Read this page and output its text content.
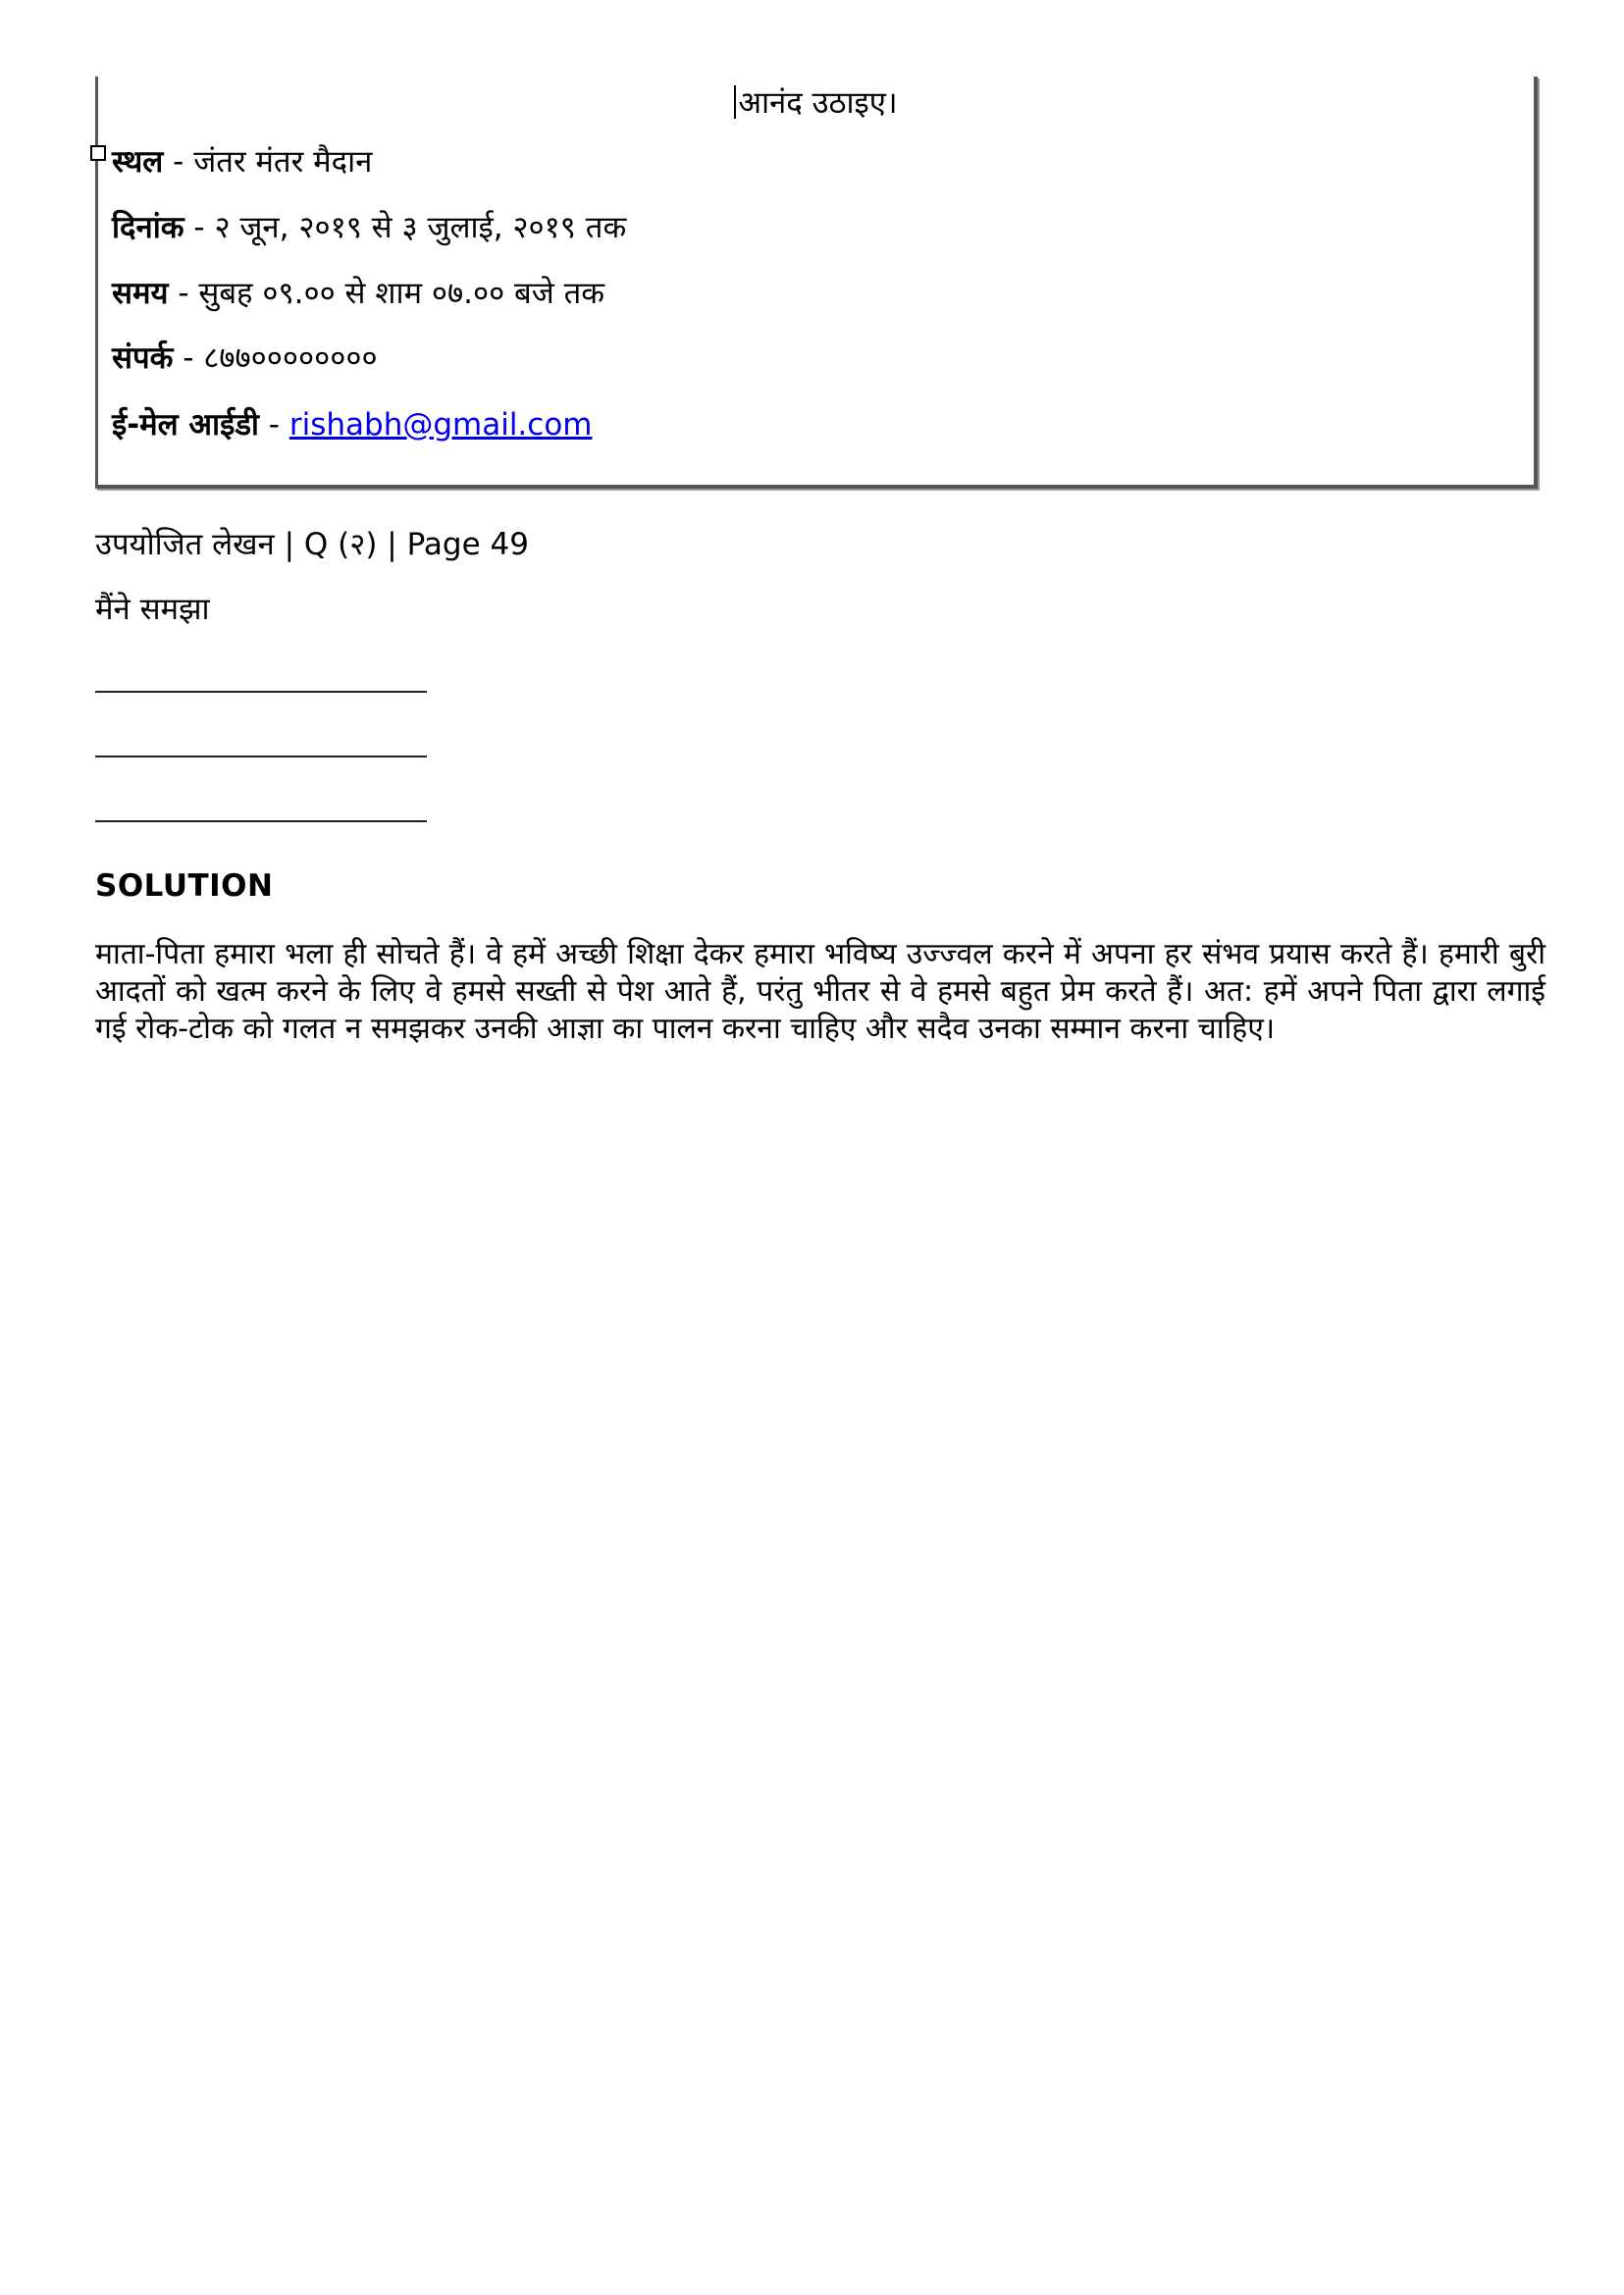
आनंद उठाइए।
स्थल - जंतर मंतर मैदान
दिनांक - २ जून, २०१९ से ३ जुलाई, २०१९ तक
समय - सुबह ०९.०० से शाम ०७.०० बजे तक
संपर्क - ८७७००००००००
ई-मेल आईडी - rishabh@gmail.com
उपयोजित लेखन | Q (२) | Page 49
मैंने समझा
SOLUTION
माता-पिता हमारा भला ही सोचते हैं। वे हमें अच्छी शिक्षा देकर हमारा भविष्य उज्ज्वल करने में अपना हर संभव प्रयास करते हैं। हमारी बुरी आदतों को खत्म करने के लिए वे हमसे सख्ती से पेश आते हैं, परंतु भीतर से वे हमसे बहुत प्रेम करते हैं। अत: हमें अपने पिता द्वारा लगाई गई रोक-टोक को गलत न समझकर उनकी आज्ञा का पालन करना चाहिए और सदैव उनका सम्मान करना चाहिए।
